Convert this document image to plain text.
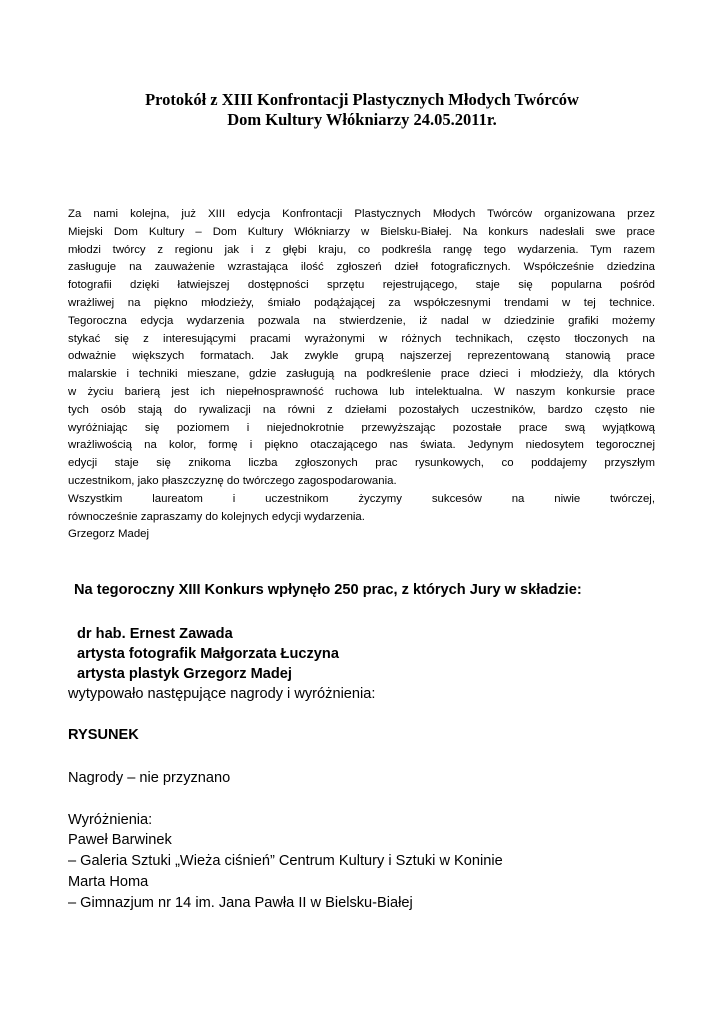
Protokół z XIII Konfrontacji Plastycznych Młodych Twórców
Dom Kultury Włókniarzy 24.05.2011r.
Za nami kolejna, już XIII edycja Konfrontacji Plastycznych Młodych Twórców organizowana przez
Miejski Dom Kultury – Dom Kultury Włókniarzy w Bielsku-Białej. Na konkurs nadesłali swe prace
młodzi twórcy z regionu jak i z głębi kraju, co podkreśla rangę tego wydarzenia. Tym razem
zasługuje na zauważenie wzrastająca ilość zgłoszeń dzieł fotograficznych. Współcześnie dziedzina
fotografii dzięki łatwiejszej dostępności sprzętu rejestrującego, staje się popularna pośród
wrażliwej na piękno młodzieży, śmiało podążającej za współczesnymi trendami w tej technice.
Tegoroczna edycja wydarzenia pozwala na stwierdzenie, iż nadal w dziedzinie grafiki możemy
stykać się z interesującymi pracami wyrażonymi w różnych technikach, często tłoczonych na
odważnie większych formatach. Jak zwykle grupą najszerzej reprezentowaną stanowią prace
malarskie i techniki mieszane, gdzie zasługują na podkreślenie prace dzieci i młodzieży, dla których
w życiu barierą jest ich niepełnosprawność ruchowa lub intelektualna. W naszym konkursie prace
tych osób stają do rywalizacji na równi z dziełami pozostałych uczestników, bardzo często nie
wyróżniając się poziomem i niejednokrotnie przewyższając pozostałe prace swą wyjątkową
wrażliwością na kolor, formę i piękno otaczającego nas świata. Jedynym niedosytem tegorocznej
edycji staje się znikoma liczba zgłoszonych prac rysunkowych, co poddajemy przyszłym
uczestnikom, jako płaszczyznę do twórczego zagospodarowania.
Wszystkim laureatom i uczestnikom życzymy sukcesów na niwie twórczej,
równocześnie zapraszamy do kolejnych edycji wydarzenia.
Grzegorz Madej
Na tegoroczny XIII Konkurs wpłynęło 250 prac, z których Jury w składzie:
dr hab. Ernest Zawada
artysta fotografik Małgorzata Łuczyna
artysta plastyk Grzegorz Madej
wytypowało następujące nagrody i wyróżnienia:
RYSUNEK
Nagrody – nie przyznano
Wyróżnienia:
Paweł Barwinek
– Galeria Sztuki „Wieża ciśnień” Centrum Kultury i Sztuki w Koninie
Marta Homa
– Gimnazjum nr 14 im. Jana Pawła II w Bielsku-Białej
